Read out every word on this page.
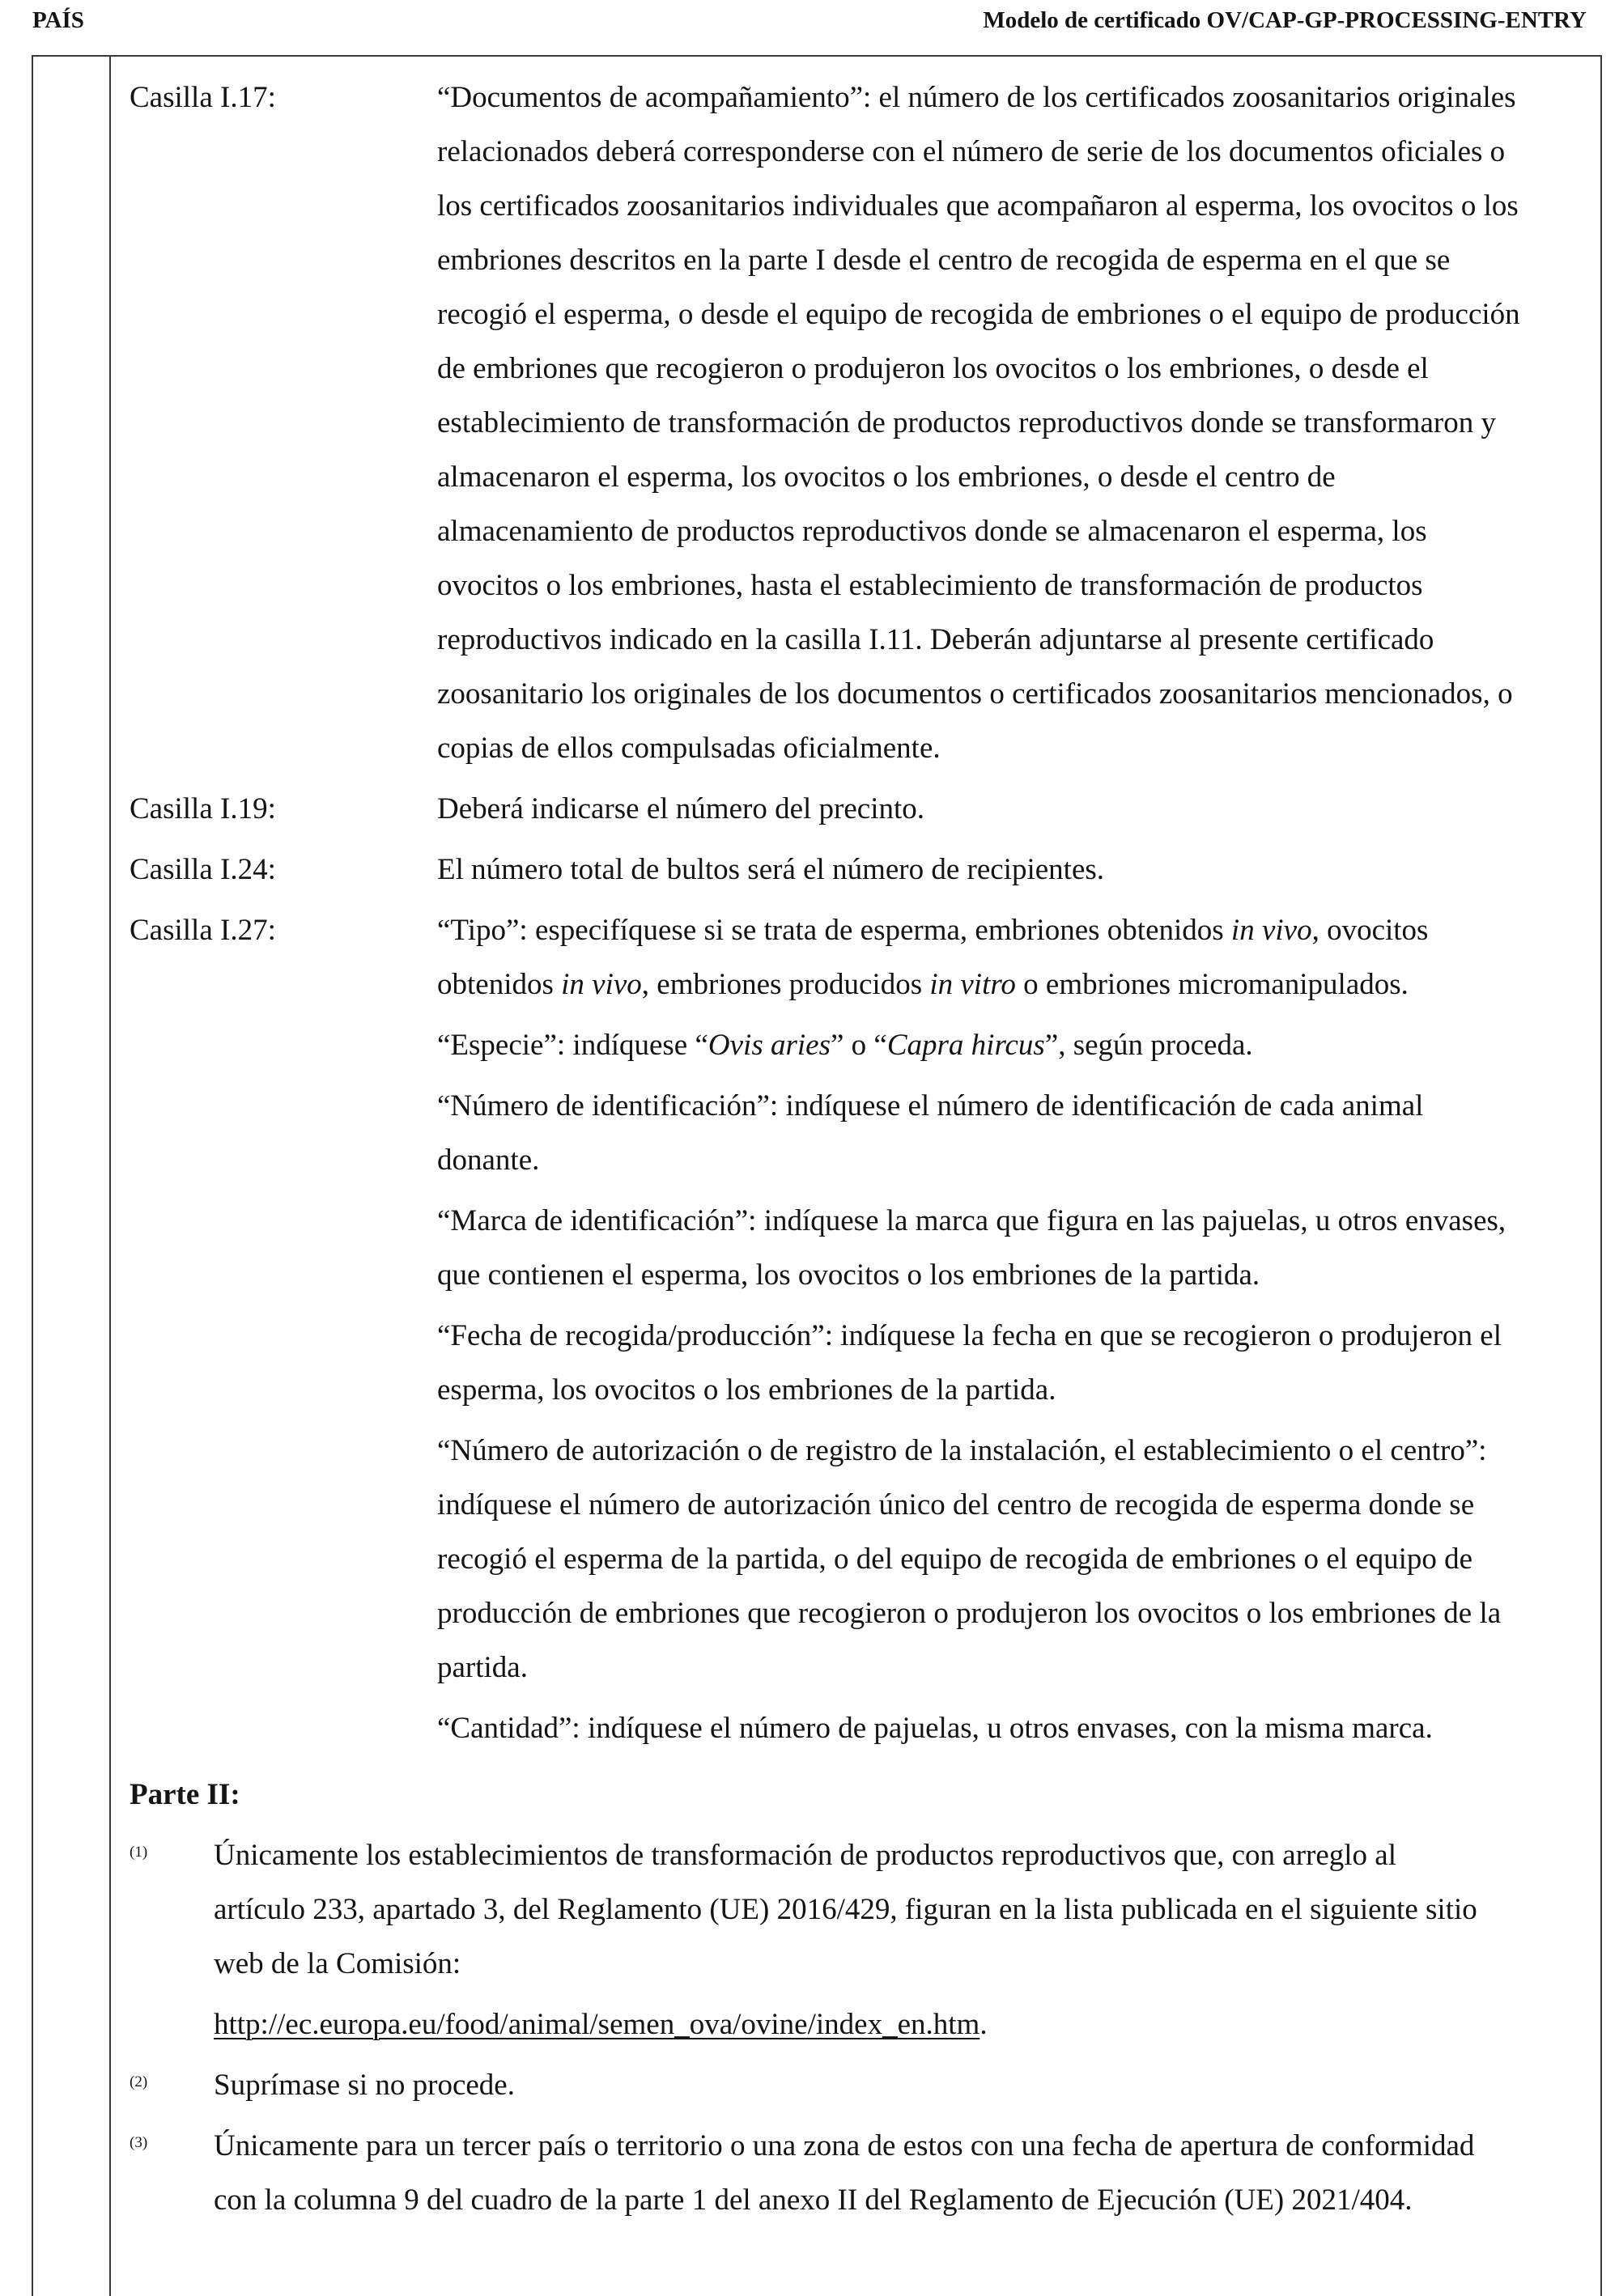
PAÍS	Modelo de certificado OV/CAP-GP-PROCESSING-ENTRY
Casilla I.17:	“Documentos de acompañamiento”: el número de los certificados zoosanitarios originales
relacionados deberá corresponderse con el número de serie de los documentos oficiales o
los certificados zoosanitarios individuales que acompañaron al esperma, los ovocitos o los
embriones descritos en la parte I desde el centro de recogida de esperma en el que se
recogió el esperma, o desde el equipo de recogida de embriones o el equipo de producción
de embriones que recogieron o produjeron los ovocitos o los embriones, o desde el
establecimiento de transformación de productos reproductivos donde se transformaron y
almacenaron el esperma, los ovocitos o los embriones, o desde el centro de
almacenamiento de productos reproductivos donde se almacenaron el esperma, los
ovocitos o los embriones, hasta el establecimiento de transformación de productos
reproductivos indicado en la casilla I.11. Deberán adjuntarse al presente certificado
zoosanitario los originales de los documentos o certificados zoosanitarios mencionados, o
copias de ellos compulsadas oficialmente.
Casilla I.19:	Deberá indicarse el número del precinto.
Casilla I.24:	El número total de bultos será el número de recipientes.
Casilla I.27:	“Tipo”: especifíquese si se trata de esperma, embriones obtenidos in vivo, ovocitos
obtenidos in vivo, embriones producidos in vitro o embriones micromanipulados.
“Especie”: indíquese “Ovis aries” o “Capra hircus”, según proceda.
“Número de identificación”: indíquese el número de identificación de cada animal
donante.
“Marca de identificación”: indíquese la marca que figura en las pajuelas, u otros envases,
que contienen el esperma, los ovocitos o los embriones de la partida.
“Fecha de recogida/producción”: indíquese la fecha en que se recogieron o produjeron el
esperma, los ovocitos o los embriones de la partida.
“Número de autorización o de registro de la instalación, el establecimiento o el centro”:
indíquese el número de autorización único del centro de recogida de esperma donde se
recogió el esperma de la partida, o del equipo de recogida de embriones o el equipo de
producción de embriones que recogieron o produjeron los ovocitos o los embriones de la
partida.
“Cantidad”: indíquese el número de pajuelas, u otros envases, con la misma marca.
Parte II:
(1)	Únicamente los establecimientos de transformación de productos reproductivos que, con arreglo al
artículo 233, apartado 3, del Reglamento (UE) 2016/429, figuran en la lista publicada en el siguiente sitio
web de la Comisión:
http://ec.europa.eu/food/animal/semen_ova/ovine/index_en.htm.
(2)	Suprímase si no procede.
(3)	Únicamente para un tercer país o territorio o una zona de estos con una fecha de apertura de conformidad
con la columna 9 del cuadro de la parte 1 del anexo II del Reglamento de Ejecución (UE) 2021/404.
